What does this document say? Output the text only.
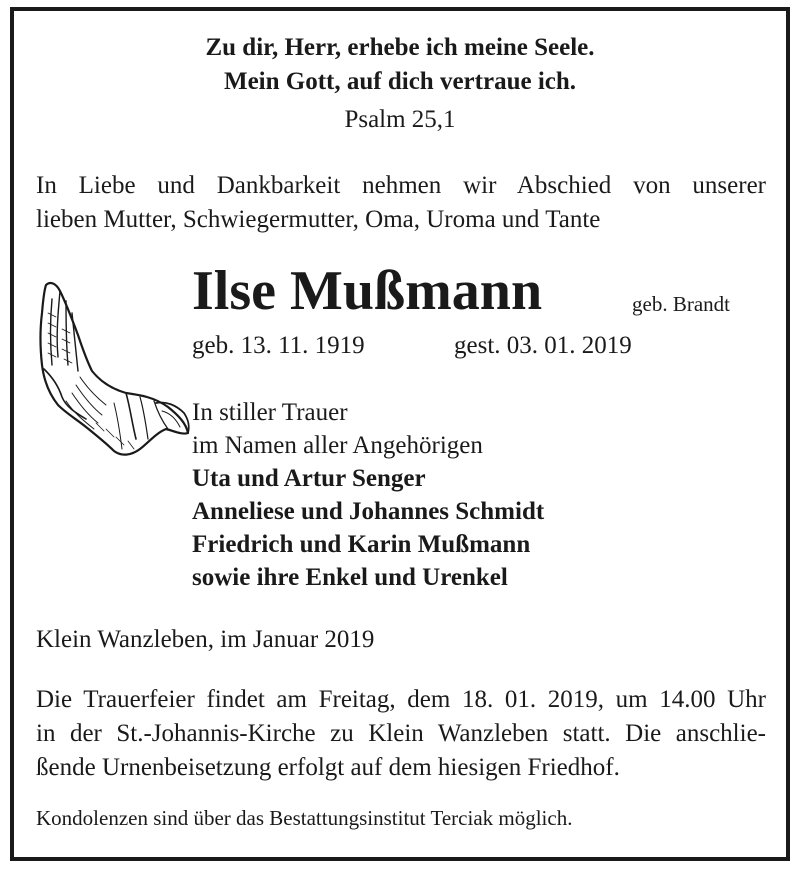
Zu dir, Herr, erhebe ich meine Seele.
Mein Gott, auf dich vertraue ich.
Psalm 25,1
In Liebe und Dankbarkeit nehmen wir Abschied von unserer
lieben Mutter, Schwiegermutter, Oma, Uroma und Tante
Ilse Mußmann	geb. Brandt
geb. 13. 11. 1919	gest. 03. 01. 2019
In stiller Trauer
im Namen aller Angehörigen
Uta und Artur Senger
Anneliese und Johannes Schmidt
Friedrich und Karin Mußmann
sowie ihre Enkel und Urenkel
Klein Wanzleben, im Januar 2019
Die Trauerfeier findet am Freitag, dem 18. 01. 2019, um 14.00 Uhr
in der St.-Johannis-Kirche zu Klein Wanzleben statt. Die anschlie-
ßende Urnenbeisetzung erfolgt auf dem hiesigen Friedhof.
Kondolenzen sind über das Bestattungsinstitut Terciak möglich.
